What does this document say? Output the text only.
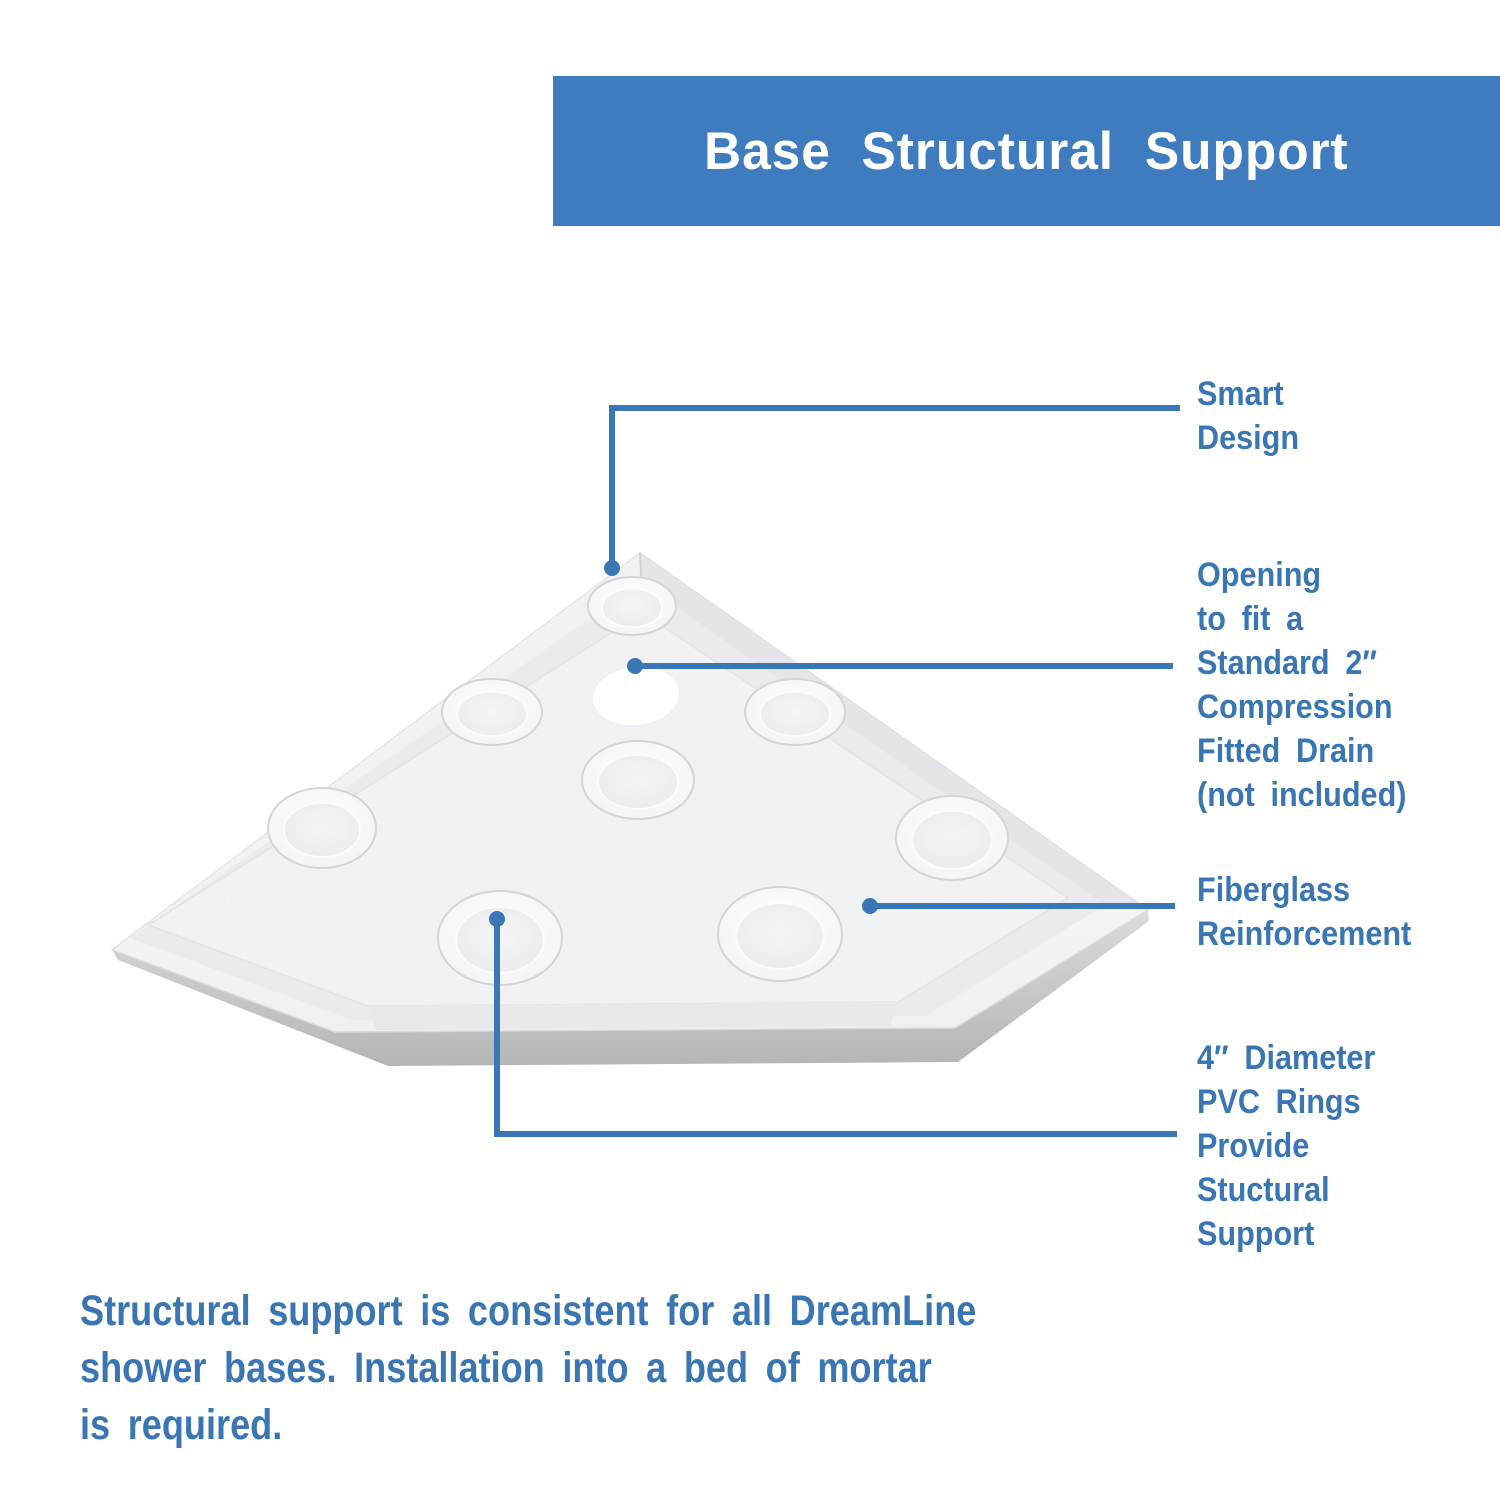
Base Structural Support
Smart
Design
Opening
to fit a
Standard 2″
Compression
Fitted Drain
(not included)
Fiberglass
Reinforcement
4″ Diameter
PVC Rings
Provide
Stuctural
Support
Structural support is consistent for all DreamLine
shower bases. Installation into a bed of mortar
is required.
